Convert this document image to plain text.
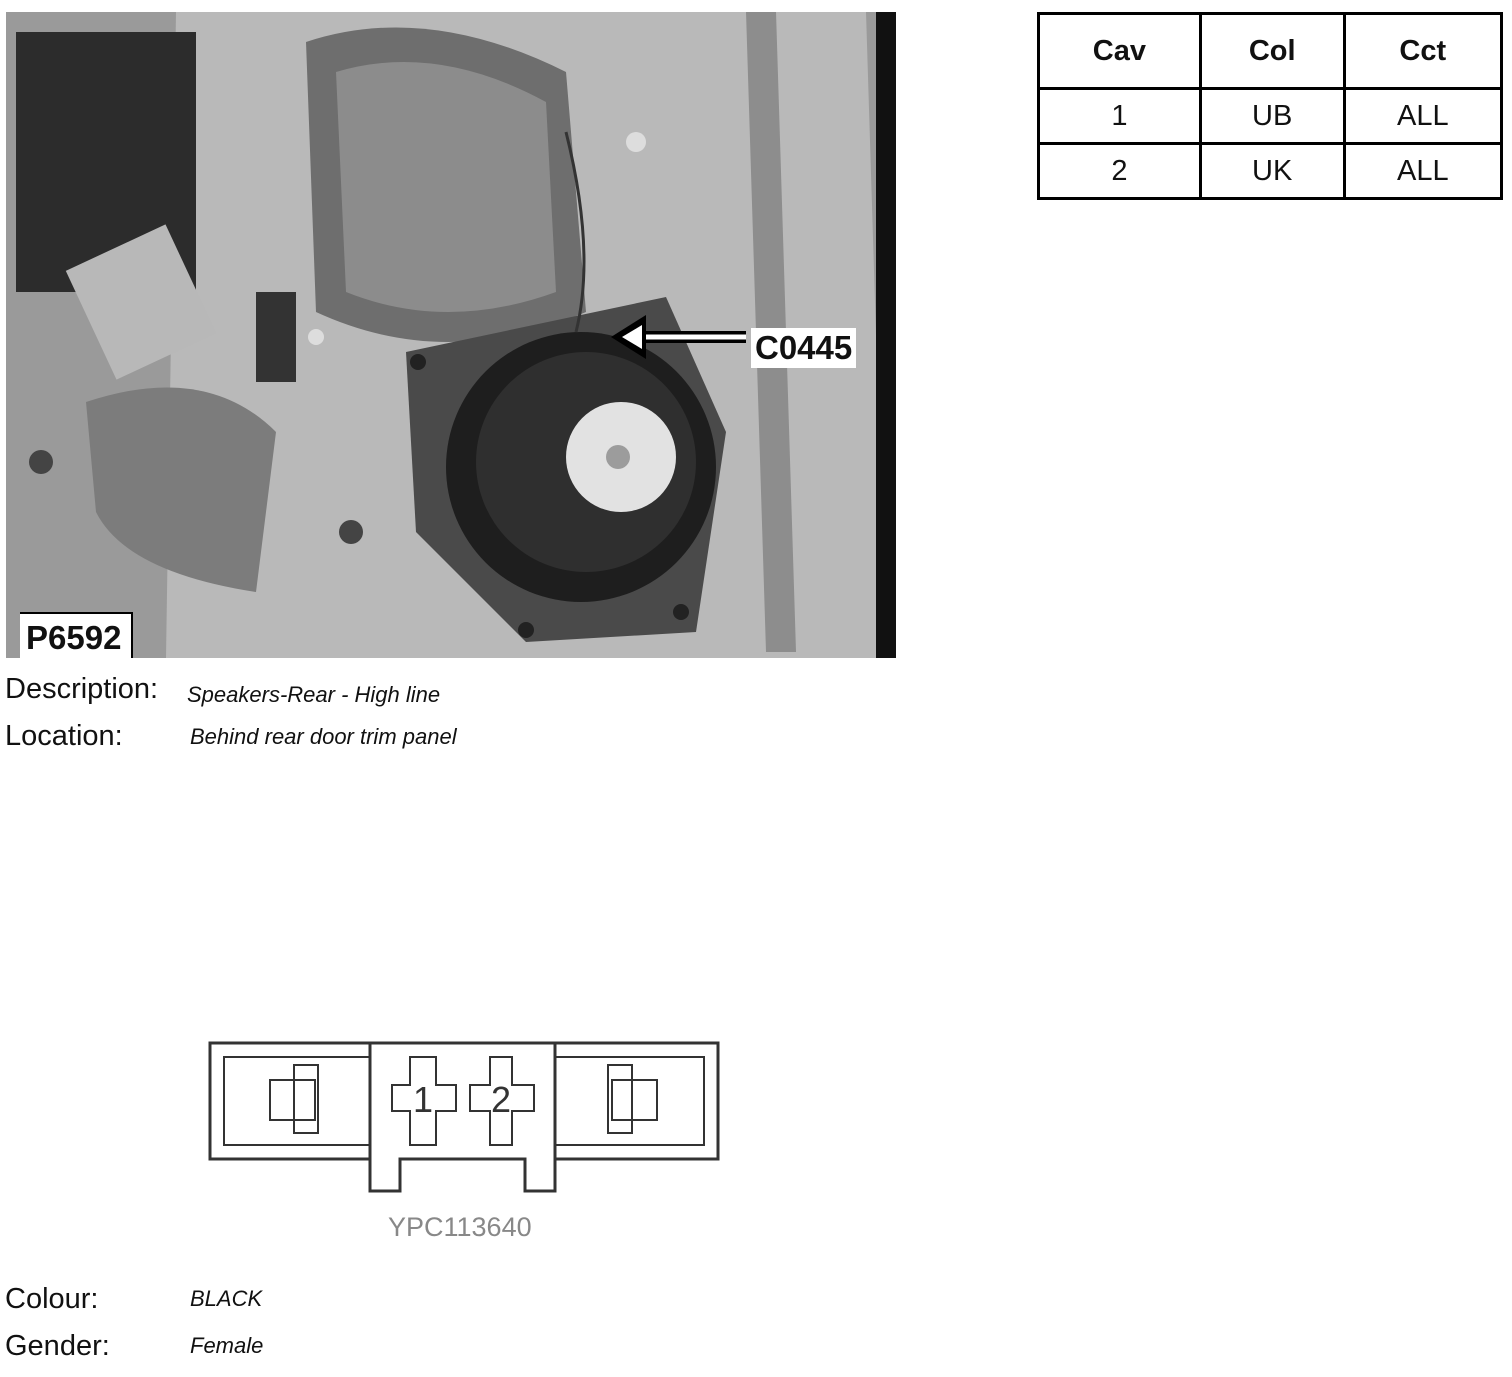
P6592
C0445
Cav	Col	Cct
1	UB	ALL
2	UK	ALL
Description: Speakers-Rear - High line
Location:	Behind rear door trim panel
1 2
YPC113640
Colour:	BLACK
Gender:	Female
